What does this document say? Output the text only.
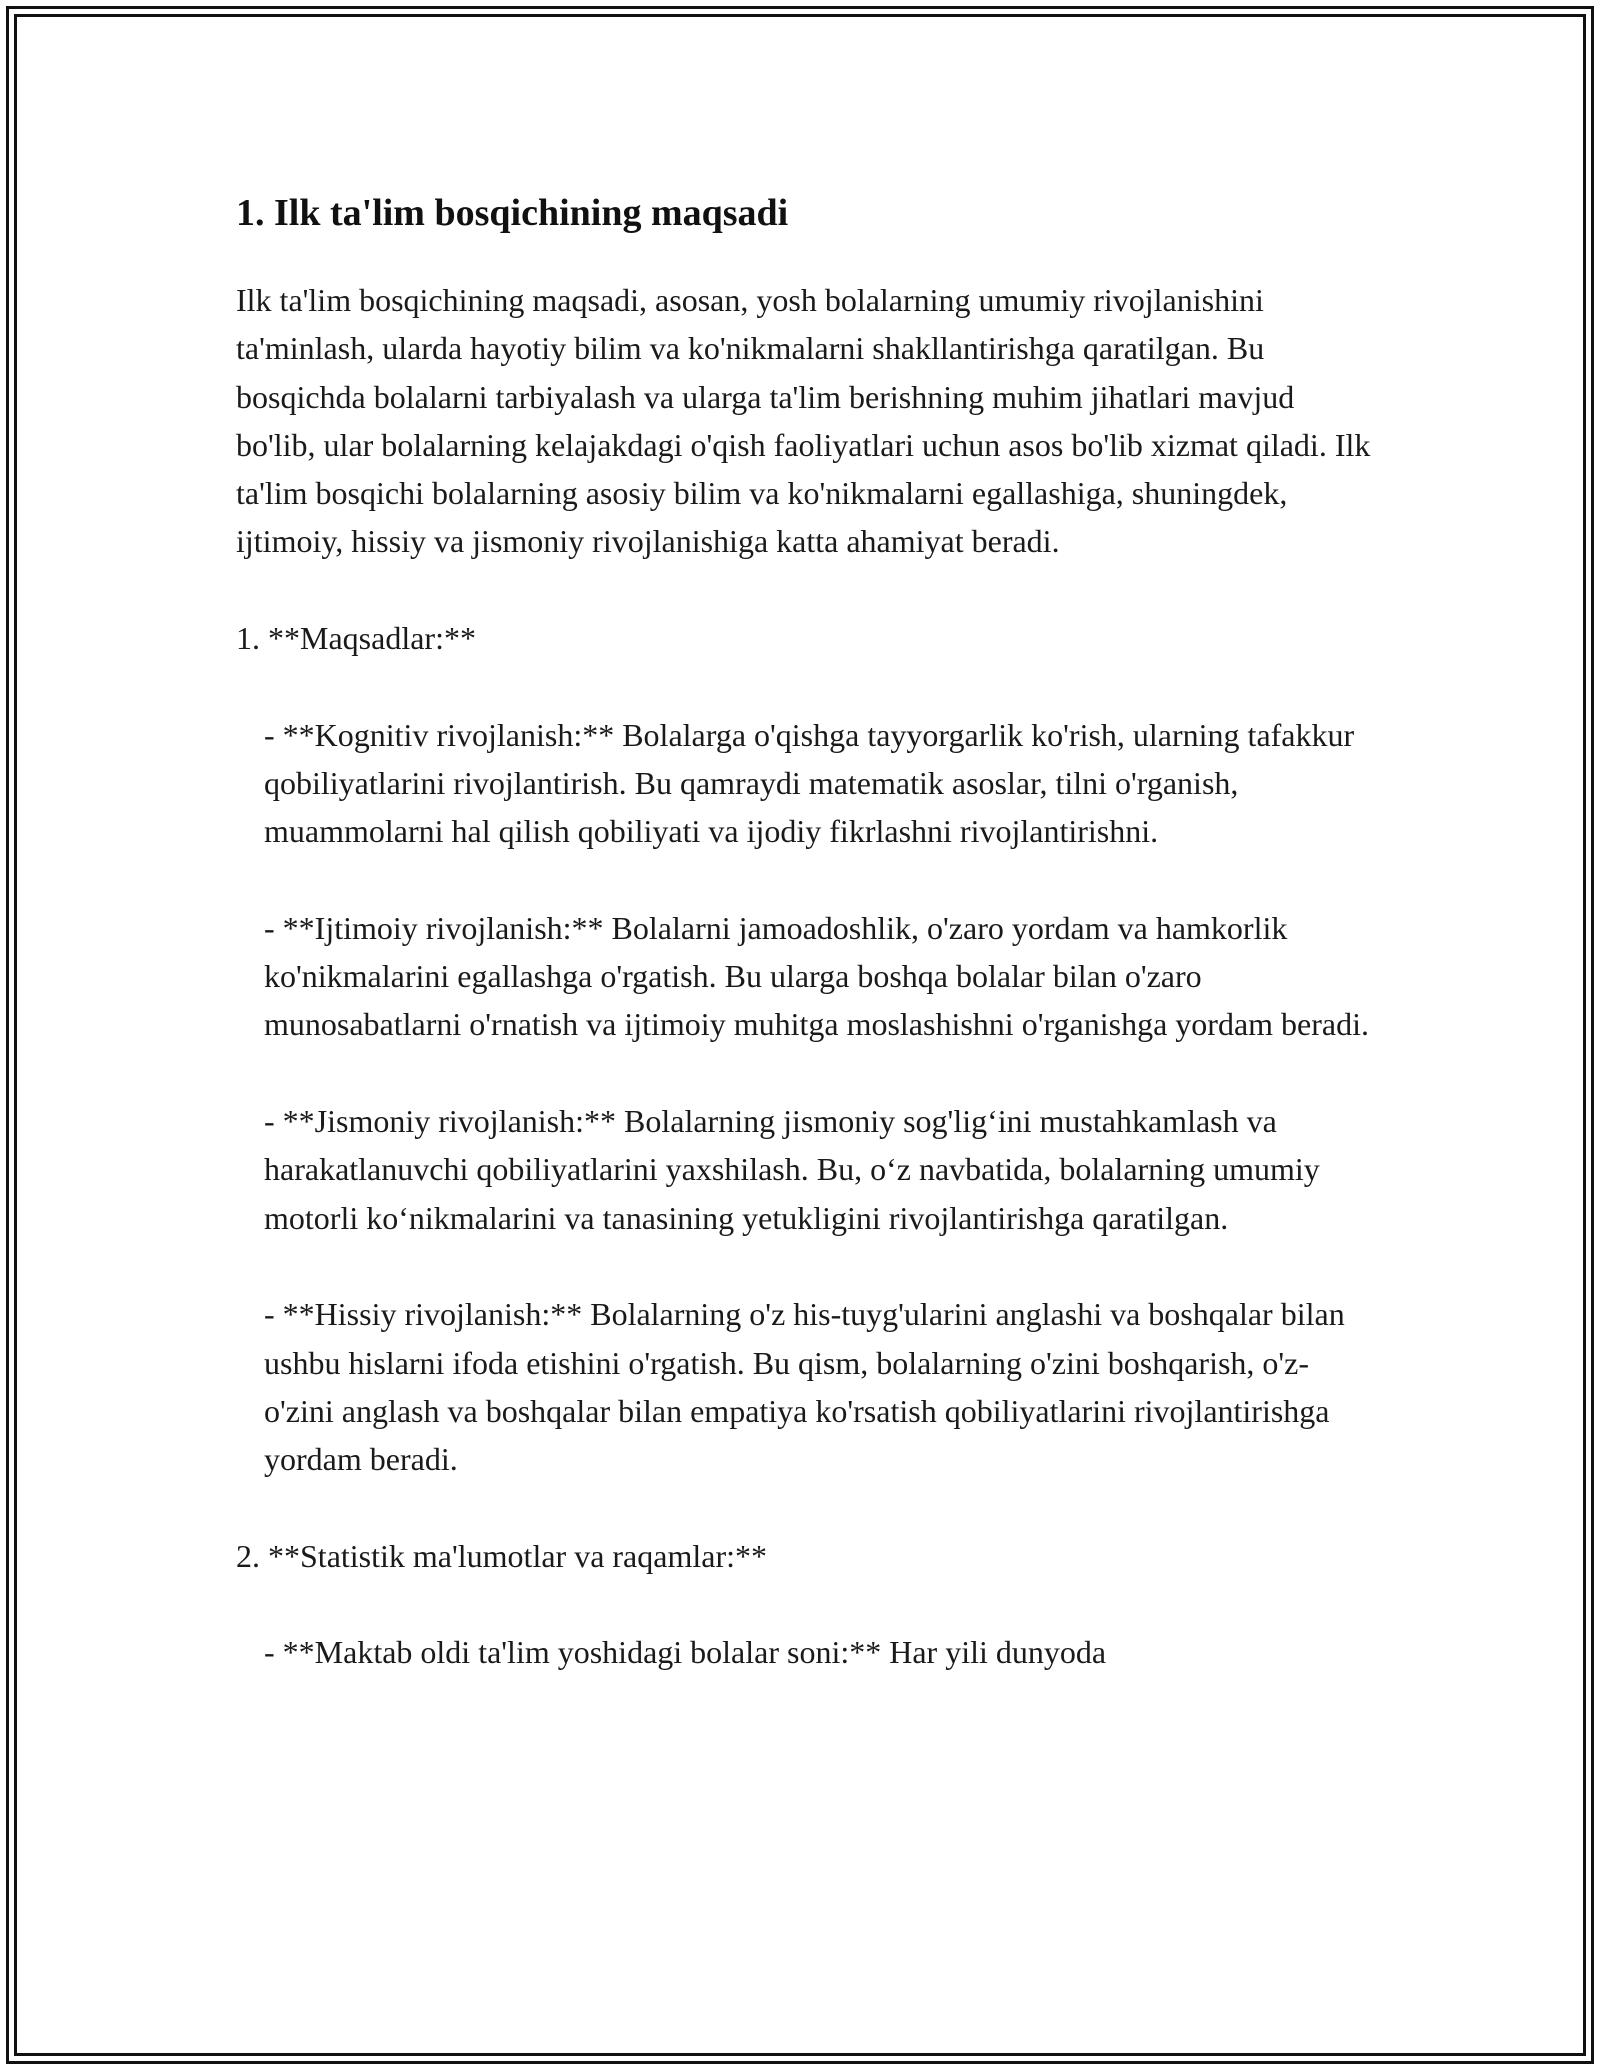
1. Ilk ta'lim bosqichining maqsadi

Ilk ta'lim bosqichining maqsadi, asosan, yosh bolalarning umumiy rivojlanishini ta'minlash, ularda hayotiy bilim va ko'nikmalarni shakllantirishga qaratilgan. Bu bosqichda bolalarni tarbiyalash va ularga ta'lim berishning muhim jihatlari mavjud bo'lib, ular bolalarning kelajakdagi o'qish faoliyatlari uchun asos bo'lib xizmat qiladi. Ilk ta'lim bosqichi bolalarning asosiy bilim va ko'nikmalarni egallashiga, shuningdek, ijtimoiy, hissiy va jismoniy rivojlanishiga katta ahamiyat beradi.

1. **Maqsadlar:**

- **Kognitiv rivojlanish:** Bolalarga o'qishga tayyorgarlik ko'rish, ularning tafakkur qobiliyatlarini rivojlantirish. Bu qamraydi matematik asoslar, tilni o'rganish, muammolarni hal qilish qobiliyati va ijodiy fikrlashni rivojlantirishni.

- **Ijtimoiy rivojlanish:** Bolalarni jamoadoshlik, o'zaro yordam va hamkorlik ko'nikmalarini egallashga o'rgatish. Bu ularga boshqa bolalar bilan o'zaro munosabatlarni o'rnatish va ijtimoiy muhitga moslashishni o'rganishga yordam beradi.

- **Jismoniy rivojlanish:** Bolalarning jismoniy sog'lig‘ini mustahkamlash va harakatlanuvchi qobiliyatlarini yaxshilash. Bu, o‘z navbatida, bolalarning umumiy motorli ko‘nikmalarini va tanasining yetukligini rivojlantirishga qaratilgan.

- **Hissiy rivojlanish:** Bolalarning o'z his-tuyg'ularini anglashi va boshqalar bilan ushbu hislarni ifoda etishini o'rgatish. Bu qism, bolalarning o'zini boshqarish, o'z-o'zini anglash va boshqalar bilan empatiya ko'rsatish qobiliyatlarini rivojlantirishga yordam beradi.

2. **Statistik ma'lumotlar va raqamlar:**

- **Maktab oldi ta'lim yoshidagi bolalar soni:** Har yili dunyoda
